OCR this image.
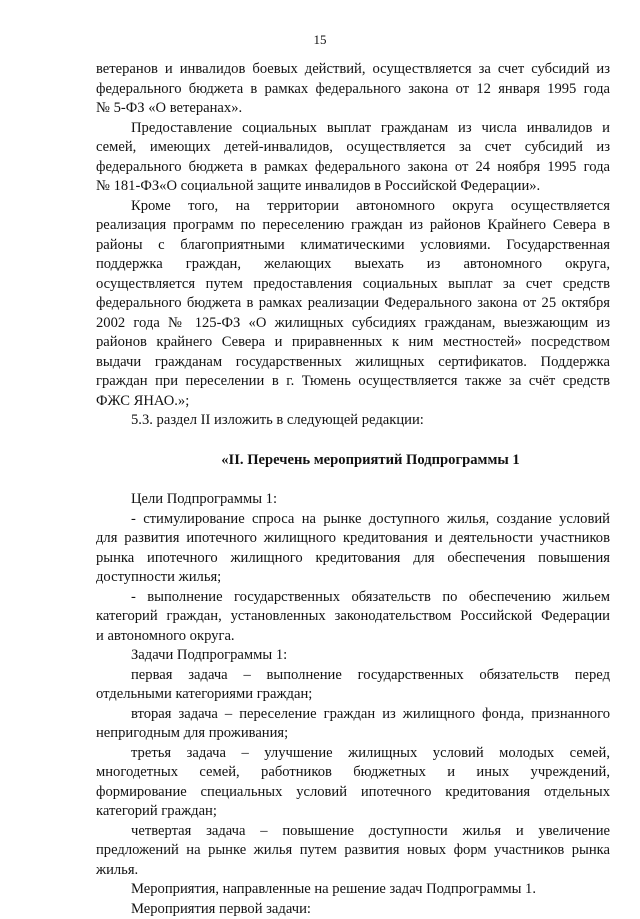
15

ветеранов и инвалидов боевых действий, осуществляется за счет субсидий из

федерального бюджета в рамках федерального закона от 12 января 1995 года

№ 5-ФЗ «О ветеранах».

Предоставление социальных выплат гражданам из числа инвалидов и

семей, имеющих детей-инвалидов, осуществляется за счет субсидий из

федерального бюджета в рамках федерального закона от 24 ноября 1995 года

№ 181-ФЗ«О социальной защите инвалидов в Российской Федерации».

Кроме того, на территории автономного округа осуществляется

реализация программ по переселению граждан из районов Крайнего Севера в

районы с благоприятными климатическими условиями. Государственная

поддержка граждан, желающих выехать из автономного округа,

осуществляется путем предоставления социальных выплат за счет средств

федерального бюджета в рамках реализации Федерального закона от 25 октября

2002 года № 125-ФЗ «О жилищных субсидиях гражданам, выезжающим из

районов крайнего Севера и приравненных к ним местностей» посредством

выдачи гражданам государственных жилищных сертификатов. Поддержка

граждан при переселении в г. Тюмень осуществляется также за счёт средств

ФЖС ЯНАО.»;

5.3. раздел II изложить в следующей редакции:

«II. Перечень мероприятий Подпрограммы 1

Цели Подпрограммы 1:

- стимулирование спроса на рынке доступного жилья, создание условий

для развития ипотечного жилищного кредитования и деятельности участников

рынка ипотечного жилищного кредитования для обеспечения повышения

доступности жилья;

- выполнение государственных обязательств по обеспечению жильем

категорий граждан, установленных законодательством Российской Федерации

и автономного округа.

Задачи Подпрограммы 1:

первая задача – выполнение государственных обязательств перед

отдельными категориями граждан;

вторая задача – переселение граждан из жилищного фонда, признанного

непригодным для проживания;

третья задача – улучшение жилищных условий молодых семей,

многодетных семей, работников бюджетных и иных учреждений,

формирование специальных условий ипотечного кредитования отдельных

категорий граждан;

четвертая задача – повышение доступности жилья и увеличение

предложений на рынке жилья путем развития новых форм участников рынка

жилья.

Мероприятия, направленные на решение задач Подпрограммы 1.

Мероприятия первой задачи:
